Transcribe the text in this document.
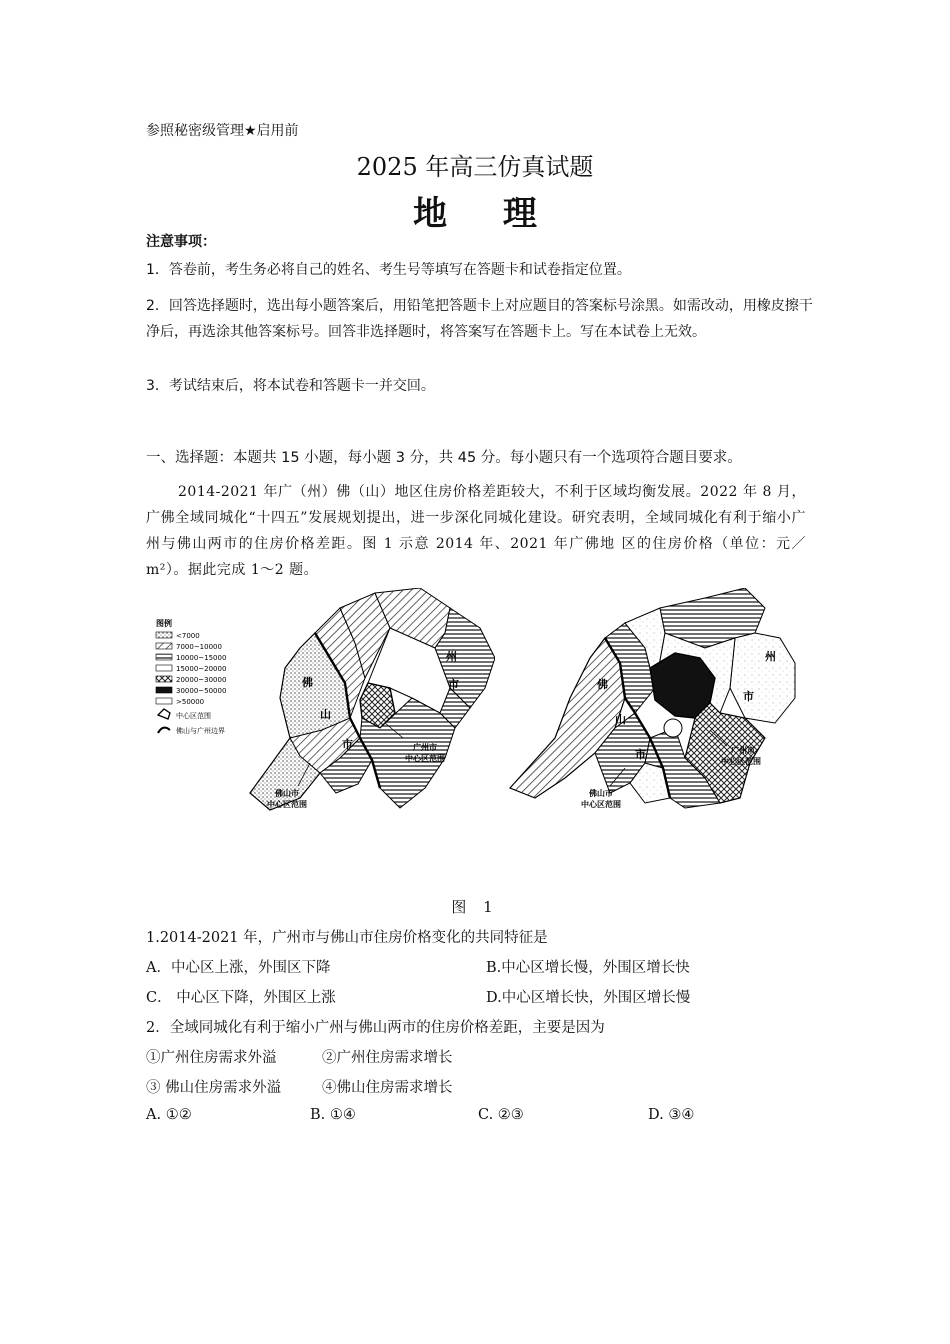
参照秘密级管理★启用前
2025 年高三仿真试题
地 理
注意事项：
1．答卷前，考生务必将自己的姓名、考生号等填写在答题卡和试卷指定位置。
2．回答选择题时，选出每小题答案后，用铅笔把答题卡上对应题目的答案标号涂黑。如需改动，用橡皮擦干净后，再选涂其他答案标号。回答非选择题时，将答案写在答题卡上。写在本试卷上无效。
3．考试结束后，将本试卷和答题卡一并交回。
一、选择题：本题共 15 小题，每小题 3 分，共 45 分。每小题只有一个选项符合题目要求。
2014-2021 年广（州）佛（山）地区住房价格差距较大，不利于区域均衡发展。2022 年 8 月，广佛全域同城化“十四五”发展规划提出，进一步深化同城化建设。研究表明，全域同城化有利于缩小广州与佛山两市的住房价格差距。图 1 示意 2014 年、2021 年广佛地 区的住房价格（单位：元／m²）。据此完成 1～2 题。
图例
<7000
7000~10000
10000~15000
15000~20000
20000~30000
30000~50000
>50000
中心区范围
佛山与广州边界
佛
山
市
州
市
广州市
中心区范围
佛山市
中心区范围
佛
山
市
州
市
广州市
中心区范围
佛山市
中心区范围
图 1
1.2014-2021 年，广州市与佛山市住房价格变化的共同特征是
A．中心区上涨，外围区下降	B.中心区增长慢，外围区增长快
C． 中心区下降，外围区上涨	D.中心区增长快，外围区增长慢
2．全域同城化有利于缩小广州与佛山两市的住房价格差距，主要是因为
①广州住房需求外溢	②广州住房需求增长
③ 佛山住房需求外溢	④佛山住房需求增长
A. ①②	B. ①④	C. ②③	D. ③④
